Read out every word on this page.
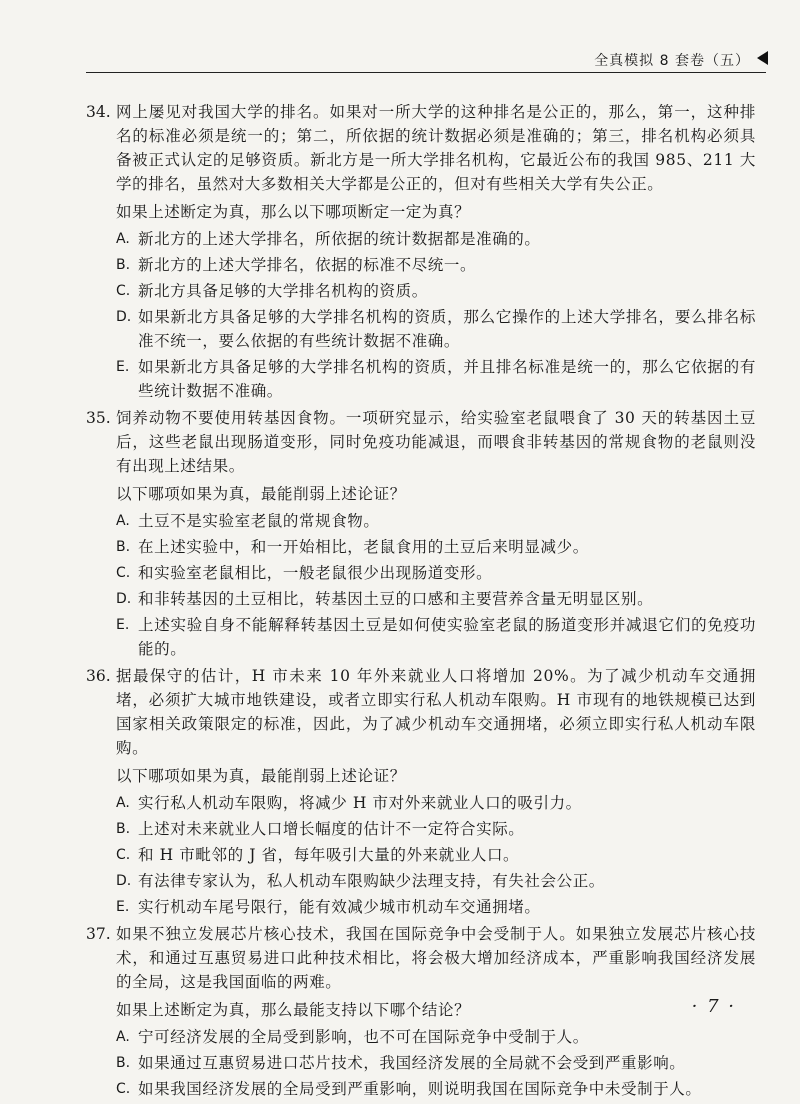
全真模拟 8 套卷（五）
34. 网上屡见对我国大学的排名。如果对一所大学的这种排名是公正的，那么，第一，这种排名的标准必须是统一的；第二，所依据的统计数据必须是准确的；第三，排名机构必须具备被正式认定的足够资质。新北方是一所大学排名机构，它最近公布的我国 985、211 大学的排名，虽然对大多数相关大学都是公正的，但对有些相关大学有失公正。
如果上述断定为真，那么以下哪项断定一定为真？
A. 新北方的上述大学排名，所依据的统计数据都是准确的。
B. 新北方的上述大学排名，依据的标准不尽统一。
C. 新北方具备足够的大学排名机构的资质。
D. 如果新北方具备足够的大学排名机构的资质，那么它操作的上述大学排名，要么排名标准不统一，要么依据的有些统计数据不准确。
E. 如果新北方具备足够的大学排名机构的资质，并且排名标准是统一的，那么它依据的有些统计数据不准确。
35. 饲养动物不要使用转基因食物。一项研究显示，给实验室老鼠喂食了 30 天的转基因土豆后，这些老鼠出现肠道变形，同时免疫功能减退，而喂食非转基因的常规食物的老鼠则没有出现上述结果。
以下哪项如果为真，最能削弱上述论证？
A. 土豆不是实验室老鼠的常规食物。
B. 在上述实验中，和一开始相比，老鼠食用的土豆后来明显减少。
C. 和实验室老鼠相比，一般老鼠很少出现肠道变形。
D. 和非转基因的土豆相比，转基因土豆的口感和主要营养含量无明显区别。
E. 上述实验自身不能解释转基因土豆是如何使实验室老鼠的肠道变形并减退它们的免疫功能的。
36. 据最保守的估计，H 市未来 10 年外来就业人口将增加 20%。为了减少机动车交通拥堵，必须扩大城市地铁建设，或者立即实行私人机动车限购。H 市现有的地铁规模已达到国家相关政策限定的标准，因此，为了减少机动车交通拥堵，必须立即实行私人机动车限购。
以下哪项如果为真，最能削弱上述论证？
A. 实行私人机动车限购，将减少 H 市对外来就业人口的吸引力。
B. 上述对未来就业人口增长幅度的估计不一定符合实际。
C. 和 H 市毗邻的 J 省，每年吸引大量的外来就业人口。
D. 有法律专家认为，私人机动车限购缺少法理支持，有失社会公正。
E. 实行机动车尾号限行，能有效减少城市机动车交通拥堵。
37. 如果不独立发展芯片核心技术，我国在国际竞争中会受制于人。如果独立发展芯片核心技术，和通过互惠贸易进口此种技术相比，将会极大增加经济成本，严重影响我国经济发展的全局，这是我国面临的两难。
如果上述断定为真，那么最能支持以下哪个结论？
A. 宁可经济发展的全局受到影响，也不可在国际竞争中受制于人。
B. 如果通过互惠贸易进口芯片技术，我国经济发展的全局就不会受到严重影响。
C. 如果我国经济发展的全局受到严重影响，则说明我国在国际竞争中未受制于人。
· 7 ·
